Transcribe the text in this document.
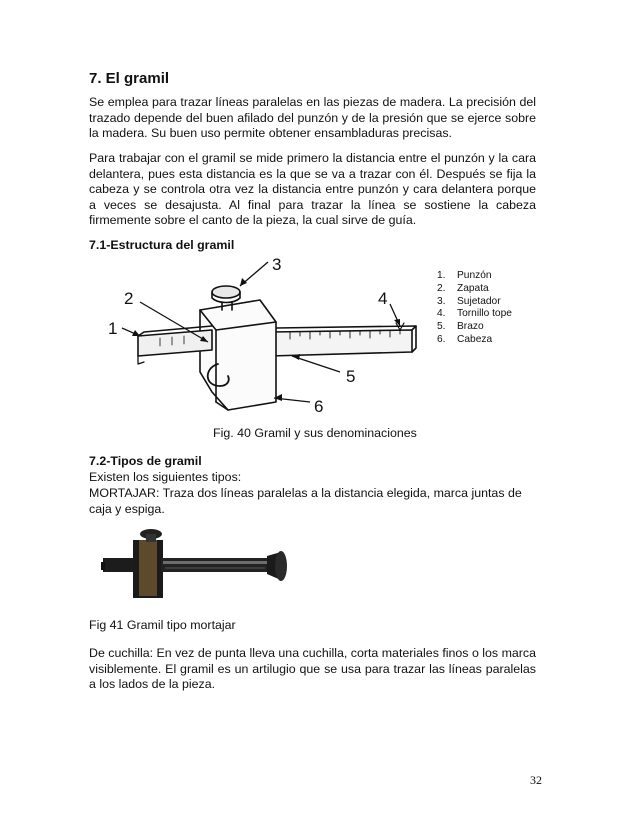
7. El gramil

Se emplea para trazar líneas paralelas en las piezas de madera. La precisión del trazado depende del buen afilado del punzón y de la presión que se ejerce sobre la madera. Su buen uso permite obtener ensambladuras precisas.

Para trabajar con el gramil se mide primero la distancia entre el punzón y la cara delantera, pues esta distancia es la que se va a trazar con él. Después se fija la cabeza y se controla otra vez la distancia entre punzón y cara delantera porque a veces se desajusta. Al final para trazar la línea se sostiene la cabeza firmemente sobre el canto de la pieza, la cual sirve de guía.

7.1-Estructura del gramil
1
2
3
4
5
6
1.	Punzón
2.	Zapata
3.	Sujetador
4.	Tornillo tope
5.	Brazo
6.	Cabeza
Fig. 40 Gramil y sus denominaciones
7.2-Tipos de gramil
Existen los siguientes tipos:
MORTAJAR: Traza dos líneas paralelas a la distancia elegida, marca juntas de caja y espiga.
Fig 41 Gramil tipo mortajar
De cuchilla: En vez de punta lleva una cuchilla, corta materiales finos o los marca visiblemente. El gramil es un artilugio que se usa para trazar las líneas paralelas a los lados de la pieza.
32
